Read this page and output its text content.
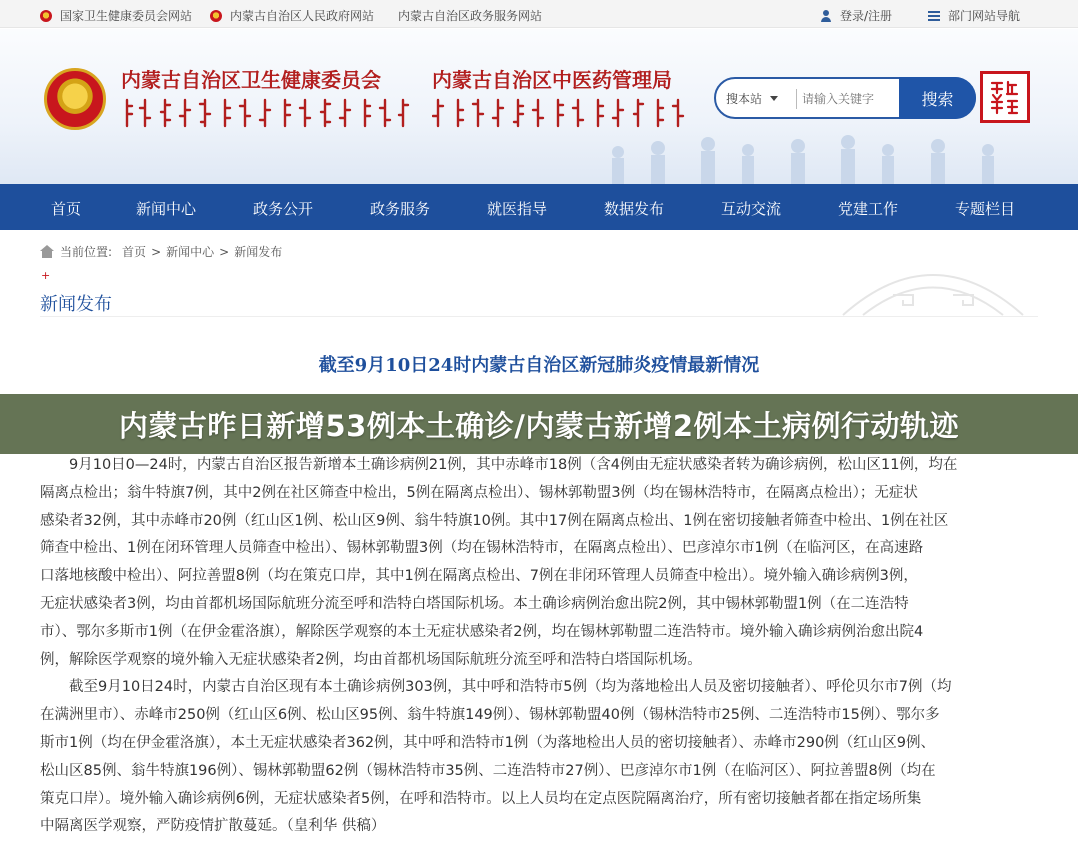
国家卫生健康委员会网站	内蒙古自治区人民政府网站 内蒙古自治区政务服务网站	登录/注册	部门网站导航
★
内蒙古自治区卫生健康委员会	内蒙古自治区中医药管理局
搜本站
请输入关键字	搜索
首页	新闻中心	政务公开	政务服务	就医指导	数据发布	互动交流	党建工作	专题栏目
当前位置: 首页 > 新闻中心 > 新闻发布
+
新闻发布
截至9月10日24时内蒙古自治区新冠肺炎疫情最新情况
　　9月10日0—24时，内蒙古自治区报告新增本土确诊病例21例，其中赤峰市18例（含4例由无症状感染者转为确诊病例，松山区11例，均在
隔离点检出；翁牛特旗7例，其中2例在社区筛查中检出，5例在隔离点检出）、锡林郭勒盟3例（均在锡林浩特市，在隔离点检出）；无症状
感染者32例，其中赤峰市20例（红山区1例、松山区9例、翁牛特旗10例。其中17例在隔离点检出、1例在密切接触者筛查中检出、1例在社区
筛查中检出、1例在闭环管理人员筛查中检出）、锡林郭勒盟3例（均在锡林浩特市，在隔离点检出）、巴彦淖尔市1例（在临河区，在高速路
口落地核酸中检出）、阿拉善盟8例（均在策克口岸，其中1例在隔离点检出、7例在非闭环管理人员筛查中检出）。境外输入确诊病例3例，
无症状感染者3例，均由首都机场国际航班分流至呼和浩特白塔国际机场。本土确诊病例治愈出院2例，其中锡林郭勒盟1例（在二连浩特
市）、鄂尔多斯市1例（在伊金霍洛旗），解除医学观察的本土无症状感染者2例，均在锡林郭勒盟二连浩特市。境外输入确诊病例治愈出院4
例，解除医学观察的境外输入无症状感染者2例，均由首都机场国际航班分流至呼和浩特白塔国际机场。
　　截至9月10日24时，内蒙古自治区现有本土确诊病例303例，其中呼和浩特市5例（均为落地检出人员及密切接触者）、呼伦贝尔市7例（均
在满洲里市）、赤峰市250例（红山区6例、松山区95例、翁牛特旗149例）、锡林郭勒盟40例（锡林浩特市25例、二连浩特市15例）、鄂尔多
斯市1例（均在伊金霍洛旗），本土无症状感染者362例，其中呼和浩特市1例（为落地检出人员的密切接触者）、赤峰市290例（红山区9例、
松山区85例、翁牛特旗196例）、锡林郭勒盟62例（锡林浩特市35例、二连浩特市27例）、巴彦淖尔市1例（在临河区）、阿拉善盟8例（均在
策克口岸）。境外输入确诊病例6例，无症状感染者5例，在呼和浩特市。以上人员均在定点医院隔离治疗，所有密切接触者都在指定场所集
中隔离医学观察，严防疫情扩散蔓延。（皇利华 供稿）
内蒙古昨日新增53例本土确诊/内蒙古新增2例本土病例行动轨迹
